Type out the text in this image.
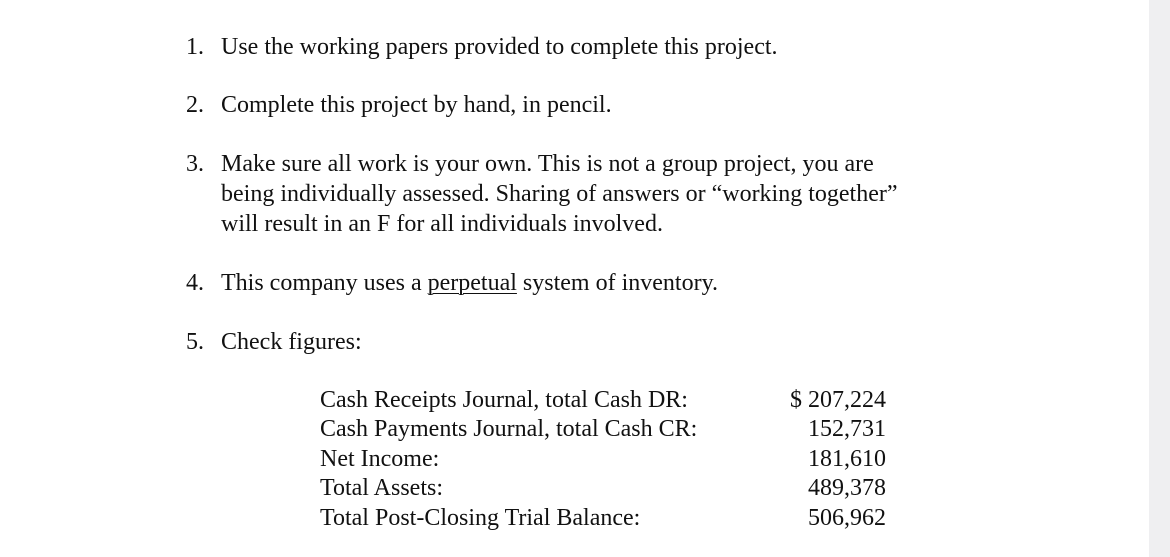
1. Use the working papers provided to complete this project.
2. Complete this project by hand, in pencil.
3. Make sure all work is your own. This is not a group project, you are
being individually assessed. Sharing of answers or “working together”
will result in an F for all individuals involved.
4. This company uses a perpetual system of inventory.
5. Check figures:
Cash Receipts Journal, total Cash DR:	$ 207,224
Cash Payments Journal, total Cash CR:	152,731
Net Income:	181,610
Total Assets:	489,378
Total Post-Closing Trial Balance:	506,962
